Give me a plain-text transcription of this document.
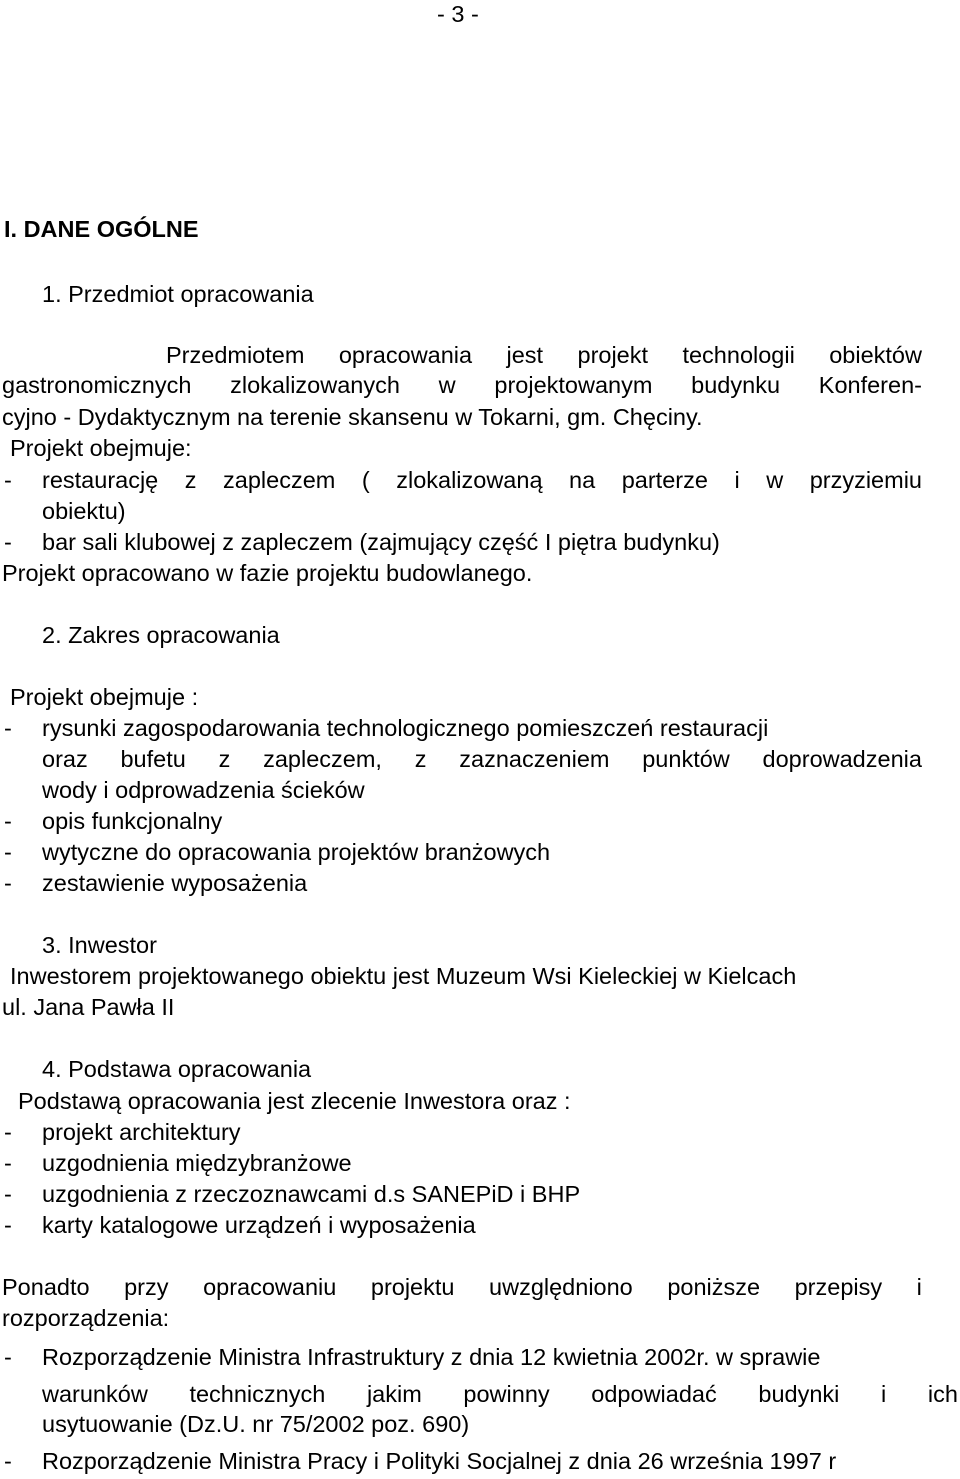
- 3 -
I. DANE OGÓLNE
1. Przedmiot opracowania
Przedmiotem opracowania jest projekt technologii obiektów
gastronomicznych zlokalizowanych w projektowanym budynku Konferen-
cyjno - Dydaktycznym na terenie skansenu w Tokarni, gm. Chęciny.
Projekt obejmuje:
- restaurację z zapleczem ( zlokalizowaną na parterze i w przyziemiu
obiektu)
- bar sali klubowej z zapleczem (zajmujący część I piętra budynku)
Projekt opracowano w fazie projektu budowlanego.
2. Zakres opracowania
Projekt obejmuje :
- rysunki zagospodarowania technologicznego pomieszczeń restauracji
oraz bufetu z zapleczem, z zaznaczeniem punktów doprowadzenia
wody i odprowadzenia ścieków
- opis funkcjonalny
- wytyczne do opracowania projektów branżowych
- zestawienie wyposażenia
3. Inwestor
Inwestorem projektowanego obiektu jest Muzeum Wsi Kieleckiej w Kielcach
ul. Jana Pawła II
4. Podstawa opracowania
Podstawą opracowania jest zlecenie Inwestora oraz :
- projekt architektury
- uzgodnienia międzybranżowe
- uzgodnienia z rzeczoznawcami d.s SANEPiD i BHP
- karty katalogowe urządzeń i wyposażenia
Ponadto przy opracowaniu projektu uwzględniono poniższe przepisy i
rozporządzenia:
- Rozporządzenie Ministra Infrastruktury z dnia 12 kwietnia 2002r. w sprawie
warunków technicznych jakim powinny odpowiadać budynki i ich
usytuowanie (Dz.U. nr 75/2002 poz. 690)
- Rozporządzenie Ministra Pracy i Polityki Socjalnej z dnia 26 września 1997 r
